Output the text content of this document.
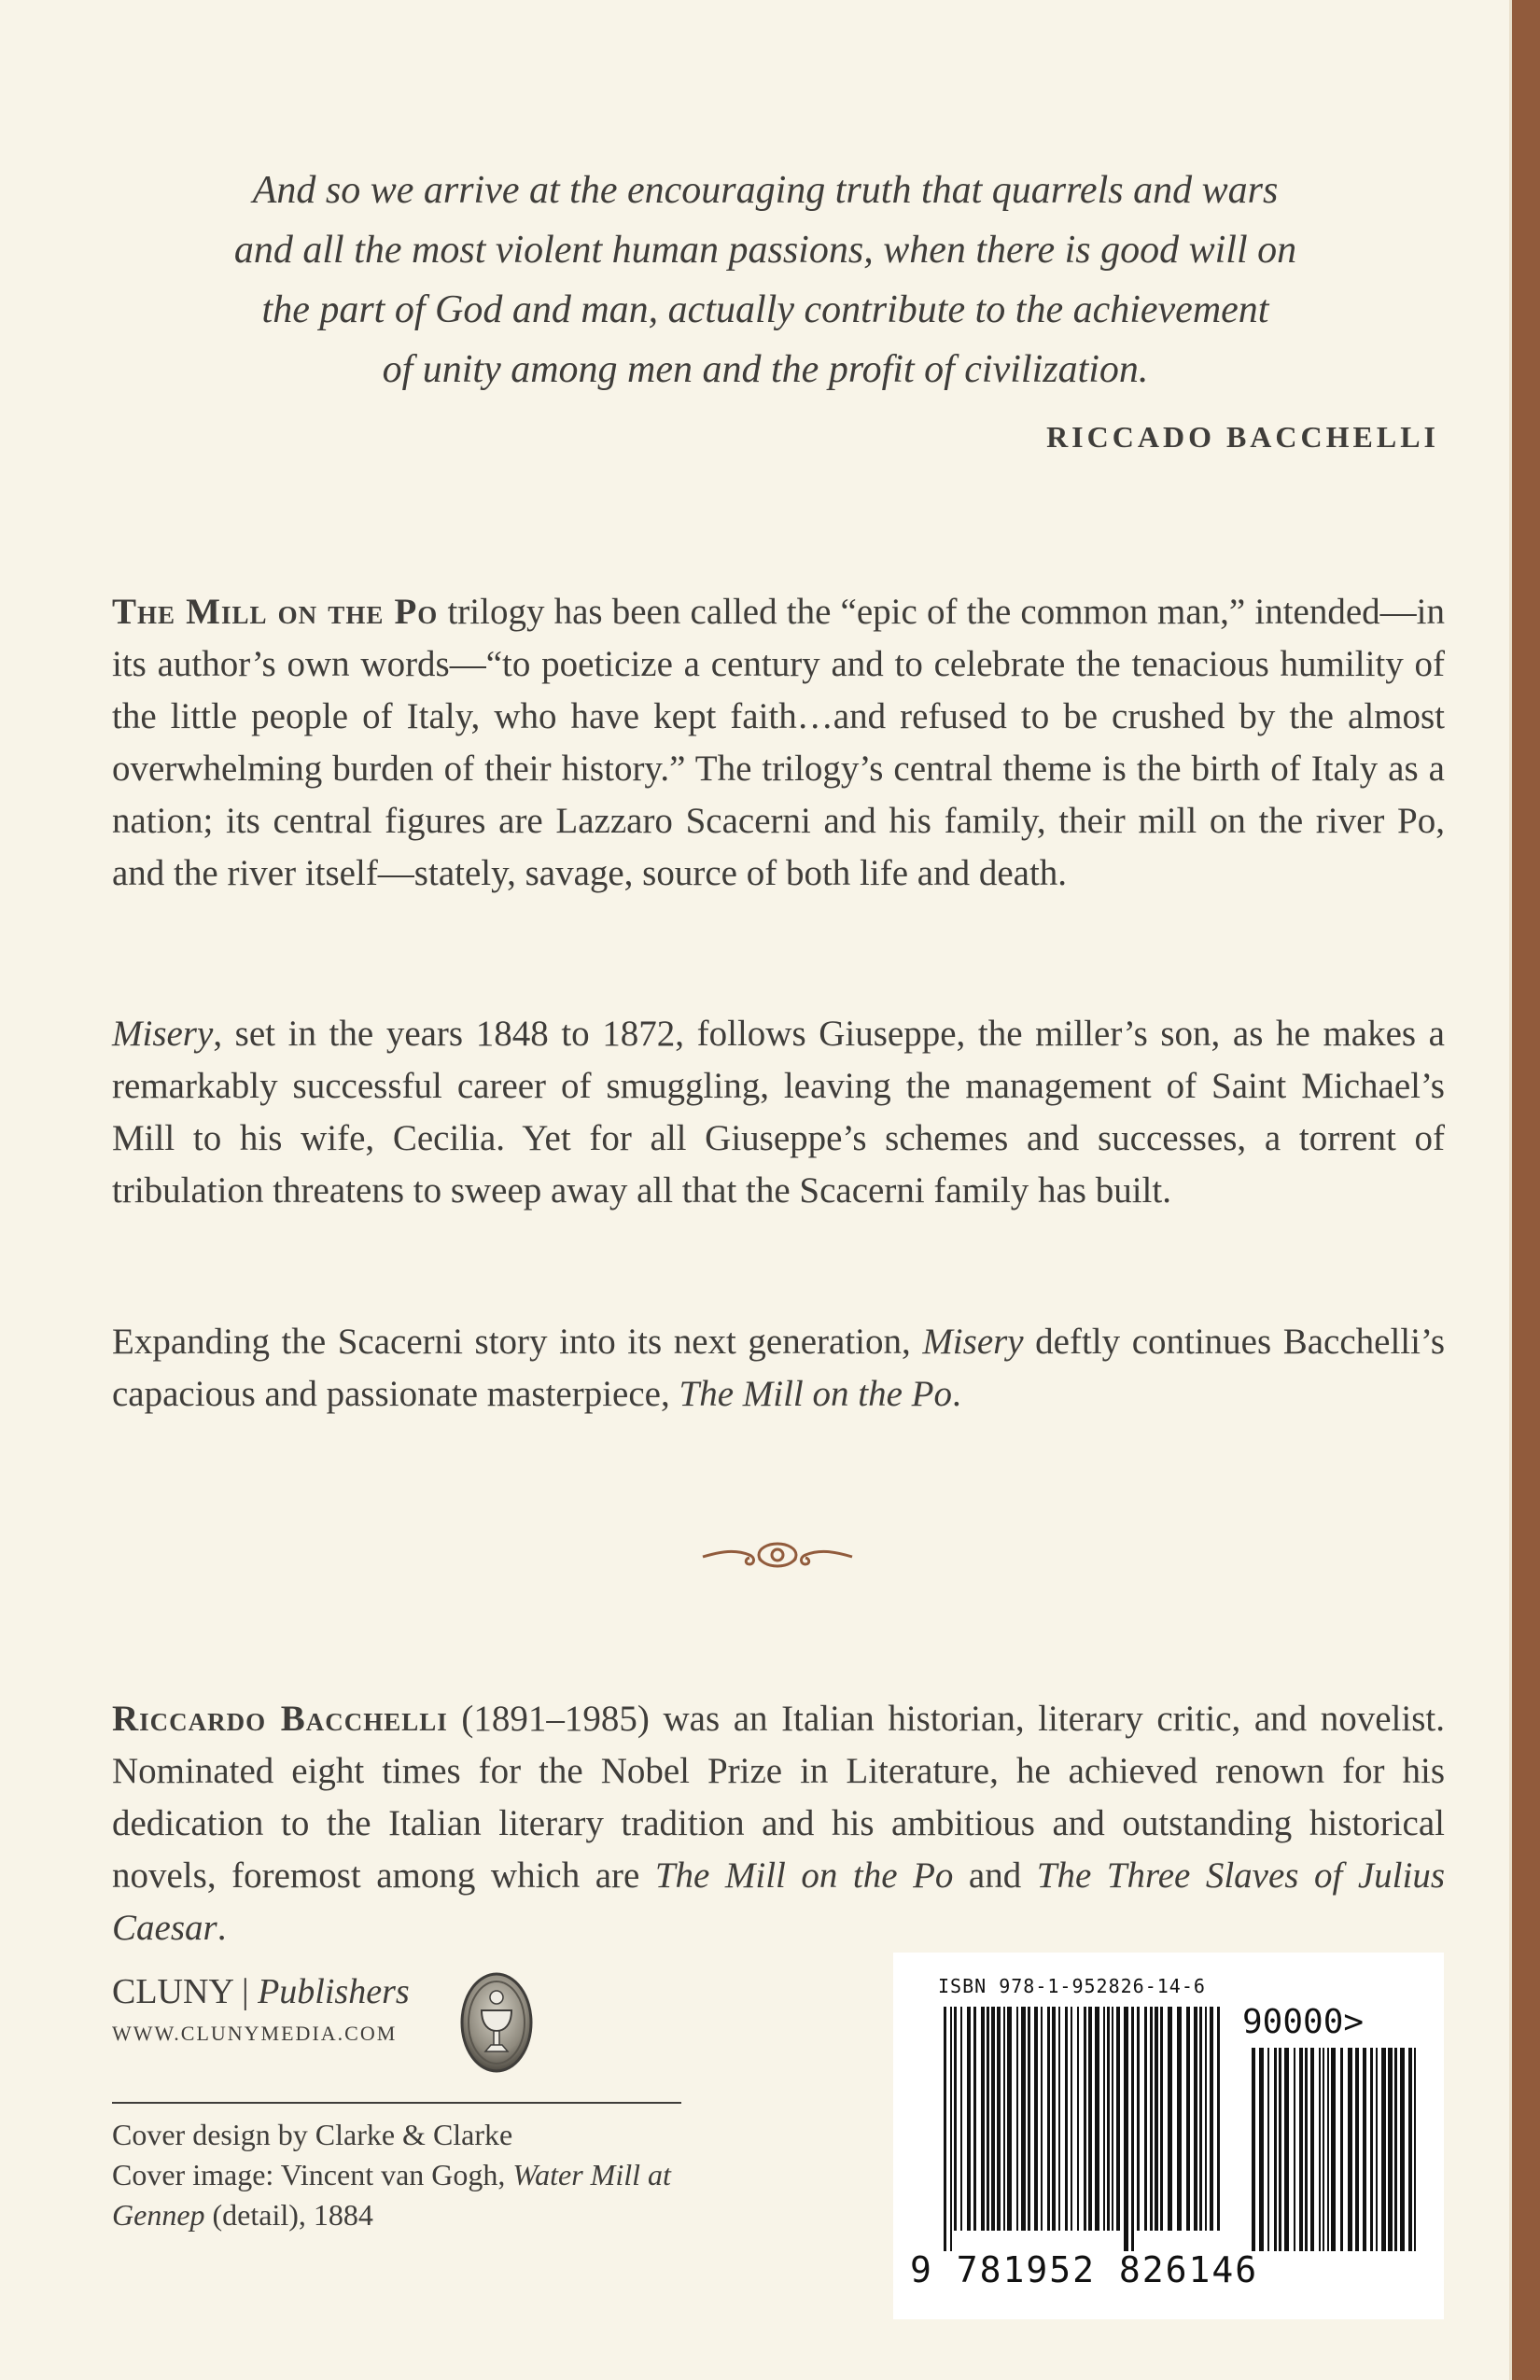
And so we arrive at the encouraging truth that quarrels and wars
and all the most violent human passions, when there is good will on
the part of God and man, actually contribute to the achievement
of unity among men and the profit of civilization.
RICCADO BACCHELLI

The Mill on the Po trilogy has been called the “epic of the common man,” intended—in its author’s own words—“to poeticize a century and to celebrate the tenacious humility of the little people of Italy, who have kept faith…and refused to be crushed by the almost overwhelming burden of their history.” The trilogy’s central theme is the birth of Italy as a nation; its central figures are Lazzaro Scacerni and his family, their mill on the river Po, and the river itself—stately, savage, source of both life and death.

Misery, set in the years 1848 to 1872, follows Giuseppe, the miller’s son, as he makes a remarkably successful career of smuggling, leaving the management of Saint Michael’s Mill to his wife, Cecilia. Yet for all Giuseppe’s schemes and successes, a torrent of tribulation threatens to sweep away all that the Scacerni family has built.

Expanding the Scacerni story into its next generation, Misery deftly continues Bacchelli’s capacious and passionate masterpiece, The Mill on the Po.

Riccardo Bacchelli (1891–1985) was an Italian historian, literary critic, and novelist. Nominated eight times for the Nobel Prize in Literature, he achieved renown for his dedication to the Italian literary tradition and his ambitious and outstanding historical novels, foremost among which are The Mill on the Po and The Three Slaves of Julius Caesar.

CLUNY | Publishers
WWW.CLUNYMEDIA.COM
Cover design by Clarke & Clarke
Cover image: Vincent van Gogh, Water Mill at Gennep (detail), 1884
ISBN 978-1-952826-14-6
90000>
9 781952 826146
